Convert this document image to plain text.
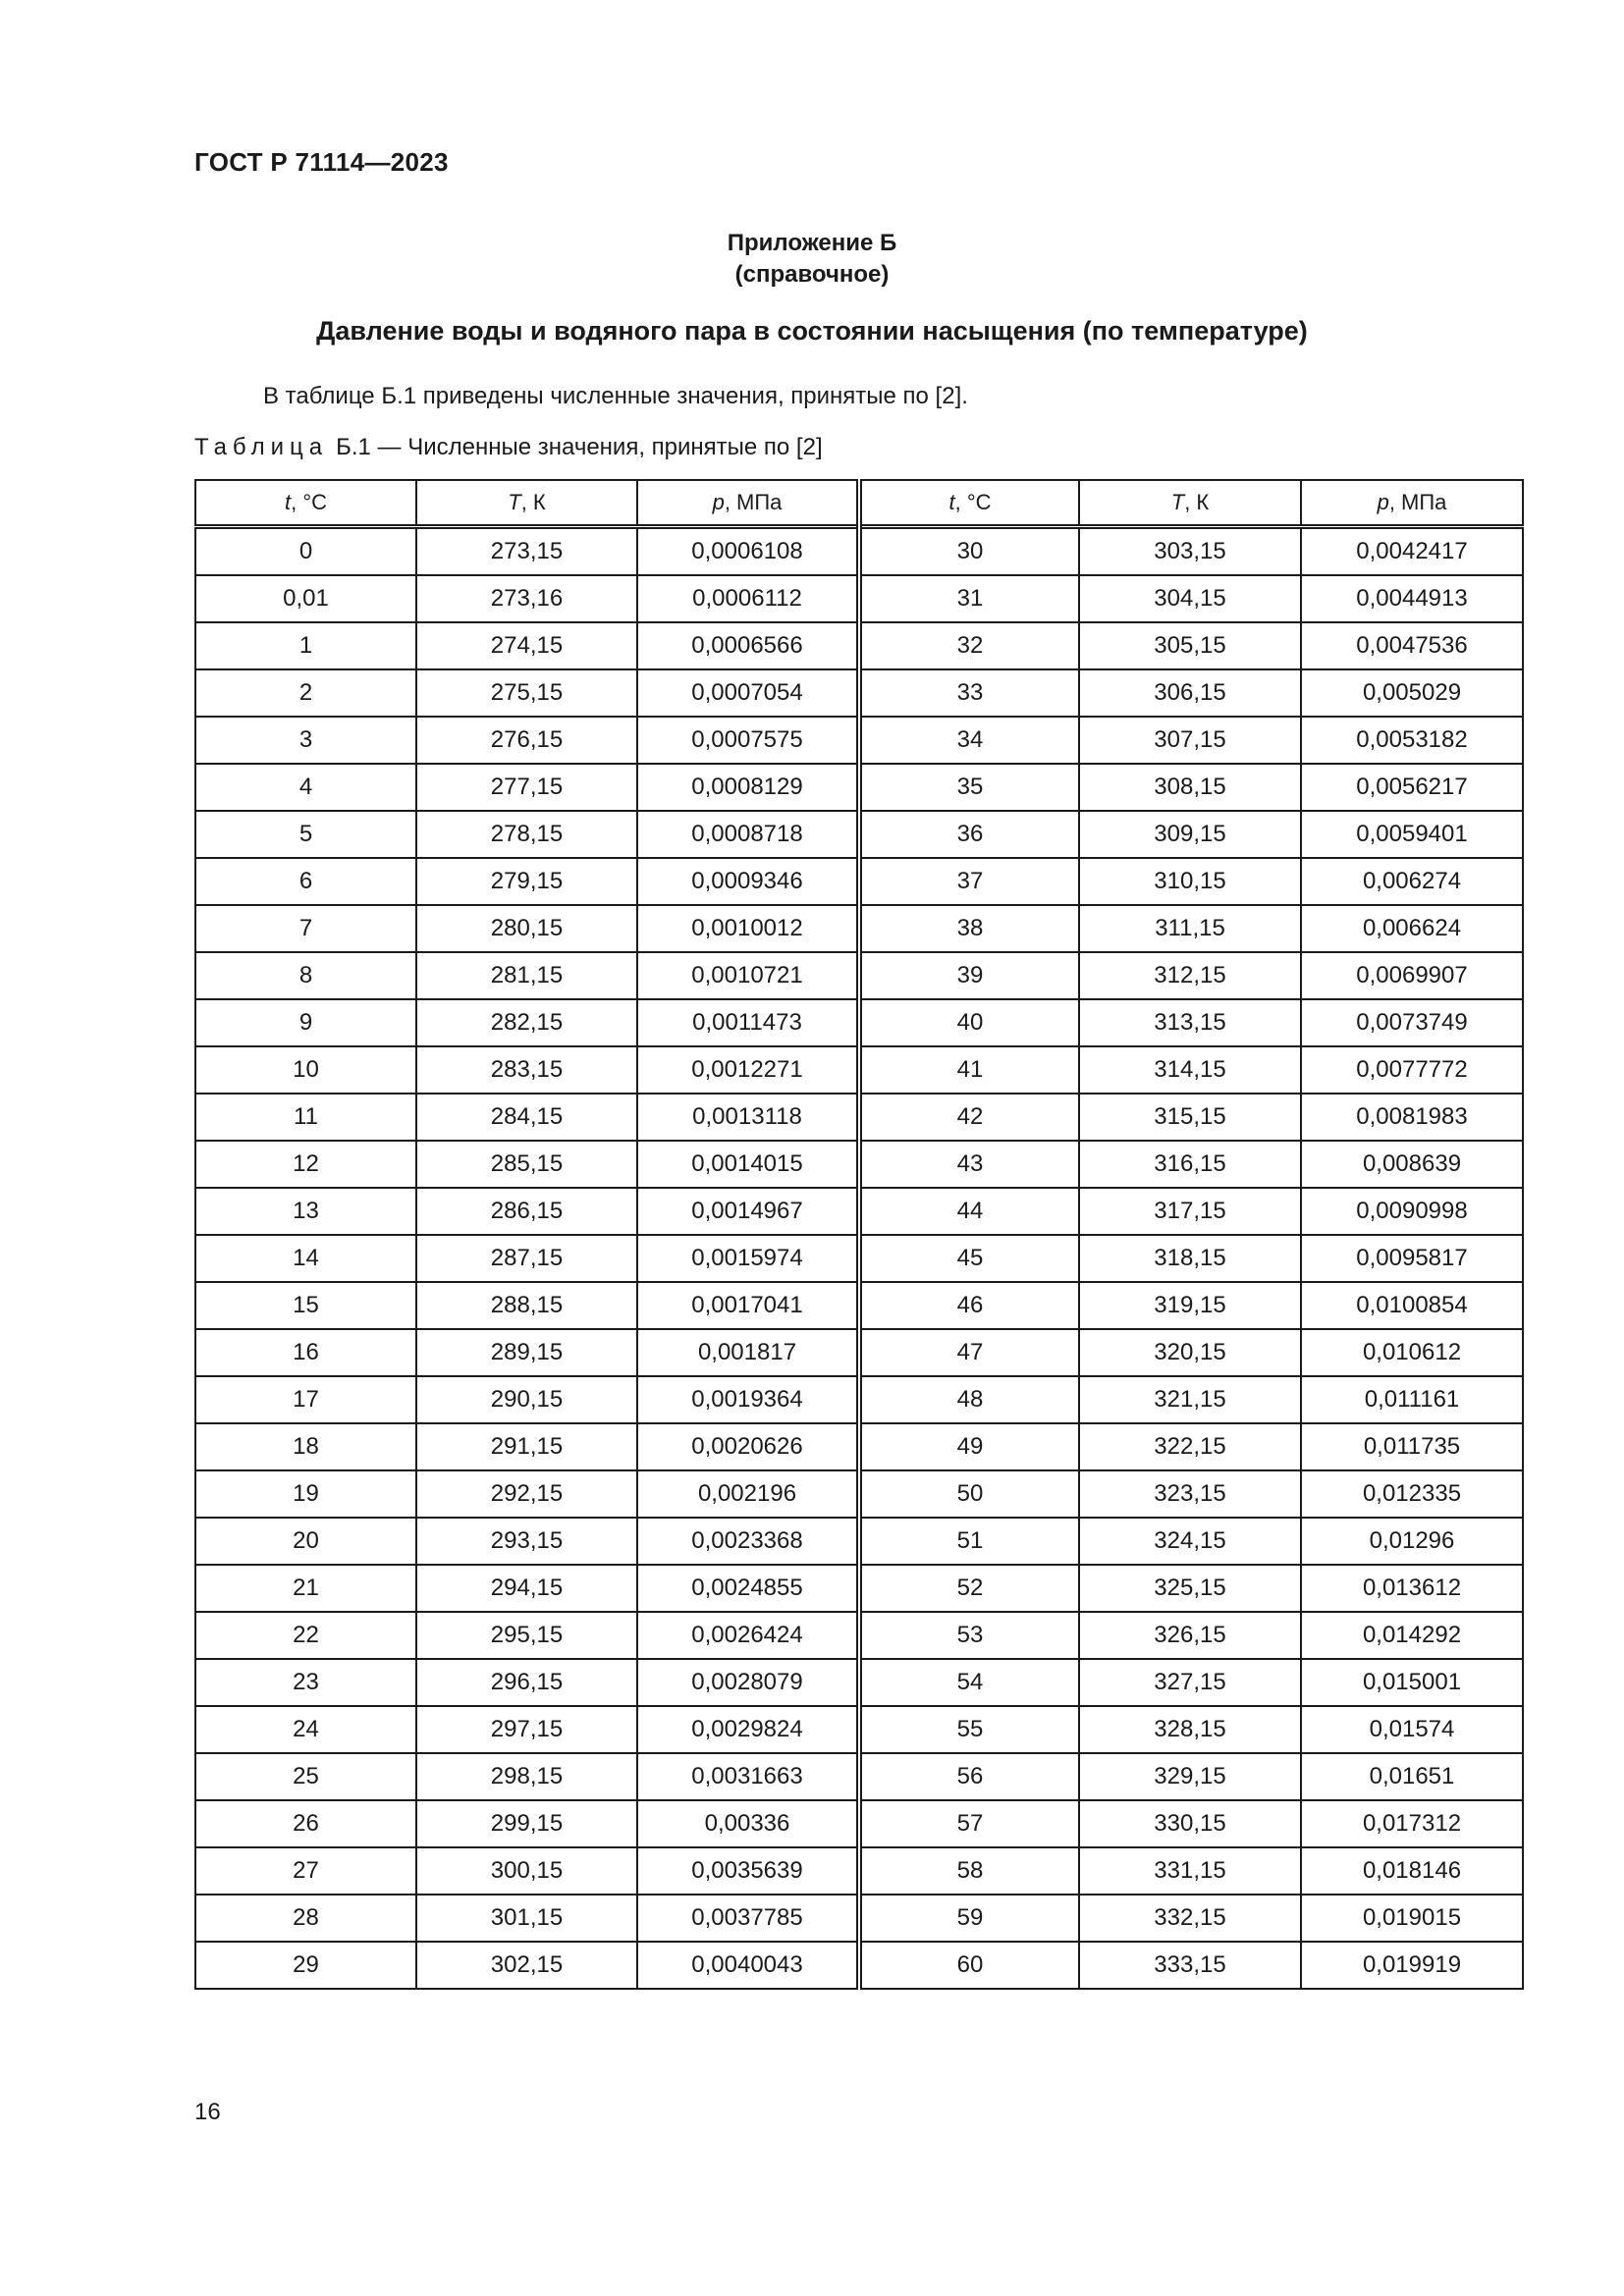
ГОСТ Р 71114—2023
Приложение Б
(справочное)
Давление воды и водяного пара в состоянии насыщения (по температуре)
В таблице Б.1 приведены численные значения, принятые по [2].
Таблица Б.1 — Численные значения, принятые по [2]
t, °C	T, К	p, МПа	t, °C	T, К	p, МПа
0	273,15	0,0006108	30	303,15	0,0042417
0,01	273,16	0,0006112	31	304,15	0,0044913
1	274,15	0,0006566	32	305,15	0,0047536
2	275,15	0,0007054	33	306,15	0,005029
3	276,15	0,0007575	34	307,15	0,0053182
4	277,15	0,0008129	35	308,15	0,0056217
5	278,15	0,0008718	36	309,15	0,0059401
6	279,15	0,0009346	37	310,15	0,006274
7	280,15	0,0010012	38	311,15	0,006624
8	281,15	0,0010721	39	312,15	0,0069907
9	282,15	0,0011473	40	313,15	0,0073749
10	283,15	0,0012271	41	314,15	0,0077772
11	284,15	0,0013118	42	315,15	0,0081983
12	285,15	0,0014015	43	316,15	0,008639
13	286,15	0,0014967	44	317,15	0,0090998
14	287,15	0,0015974	45	318,15	0,0095817
15	288,15	0,0017041	46	319,15	0,0100854
16	289,15	0,001817	47	320,15	0,010612
17	290,15	0,0019364	48	321,15	0,011161
18	291,15	0,0020626	49	322,15	0,011735
19	292,15	0,002196	50	323,15	0,012335
20	293,15	0,0023368	51	324,15	0,01296
21	294,15	0,0024855	52	325,15	0,013612
22	295,15	0,0026424	53	326,15	0,014292
23	296,15	0,0028079	54	327,15	0,015001
24	297,15	0,0029824	55	328,15	0,01574
25	298,15	0,0031663	56	329,15	0,01651
26	299,15	0,00336	57	330,15	0,017312
27	300,15	0,0035639	58	331,15	0,018146
28	301,15	0,0037785	59	332,15	0,019015
29	302,15	0,0040043	60	333,15	0,019919
16
